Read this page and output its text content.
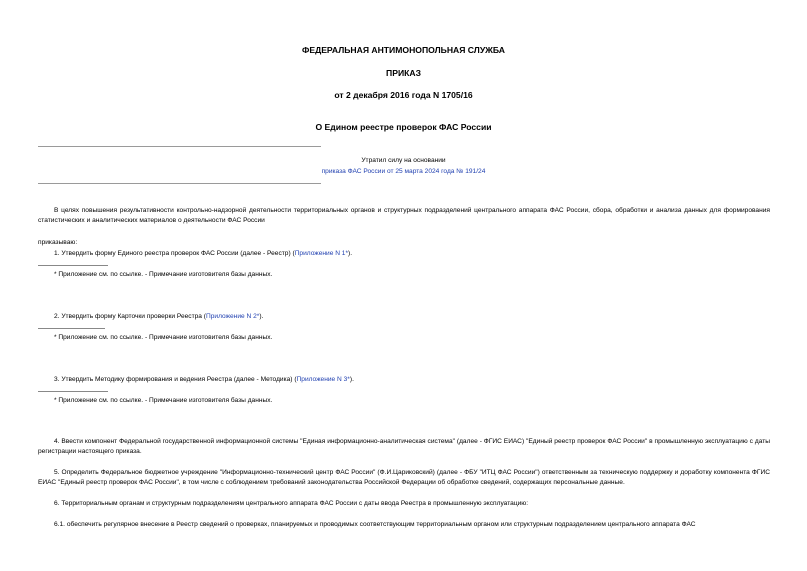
ФЕДЕРАЛЬНАЯ АНТИМОНОПОЛЬНАЯ СЛУЖБА
ПРИКАЗ
от 2 декабря 2016 года N 1705/16
О Едином реестре проверок ФАС России
Утратил силу на основании
приказа ФАС России от 25 марта 2024 года № 191/24
В целях повышения результативности контрольно-надзорной деятельности территориальных органов и структурных подразделений центрального аппарата ФАС России, сбора, обработки и анализа данных для формирования статистических и аналитических материалов о деятельности ФАС России
приказываю:
1. Утвердить форму Единого реестра проверок ФАС России (далее - Реестр) (Приложение N 1*).
* Приложение см. по ссылке. - Примечание изготовителя базы данных.
2. Утвердить форму Карточки проверки Реестра (Приложение N 2*).
* Приложение см. по ссылке. - Примечание изготовителя базы данных.
3. Утвердить Методику формирования и ведения Реестра (далее - Методика) (Приложение N 3*).
* Приложение см. по ссылке. - Примечание изготовителя базы данных.
4. Ввести компонент Федеральной государственной информационной системы "Единая информационно-аналитическая система" (далее - ФГИС ЕИАС) "Единый реестр проверок ФАС России" в промышленную эксплуатацию с даты регистрации настоящего приказа.
5. Определить Федеральное бюджетное учреждение "Информационно-технический центр ФАС России" (Ф.И.Цариковский) (далее - ФБУ "ИТЦ ФАС России") ответственным за техническую поддержку и доработку компонента ФГИС ЕИАС "Единый реестр проверок ФАС России", в том числе с соблюдением требований законодательства Российской Федерации об обработке сведений, содержащих персональные данные.
6. Территориальным органам и структурным подразделениям центрального аппарата ФАС России с даты ввода Реестра в промышленную эксплуатацию:
6.1. обеспечить регулярное внесение в Реестр сведений о проверках, планируемых и проводимых соответствующим территориальным органом или структурным подразделением центрального аппарата ФАС
